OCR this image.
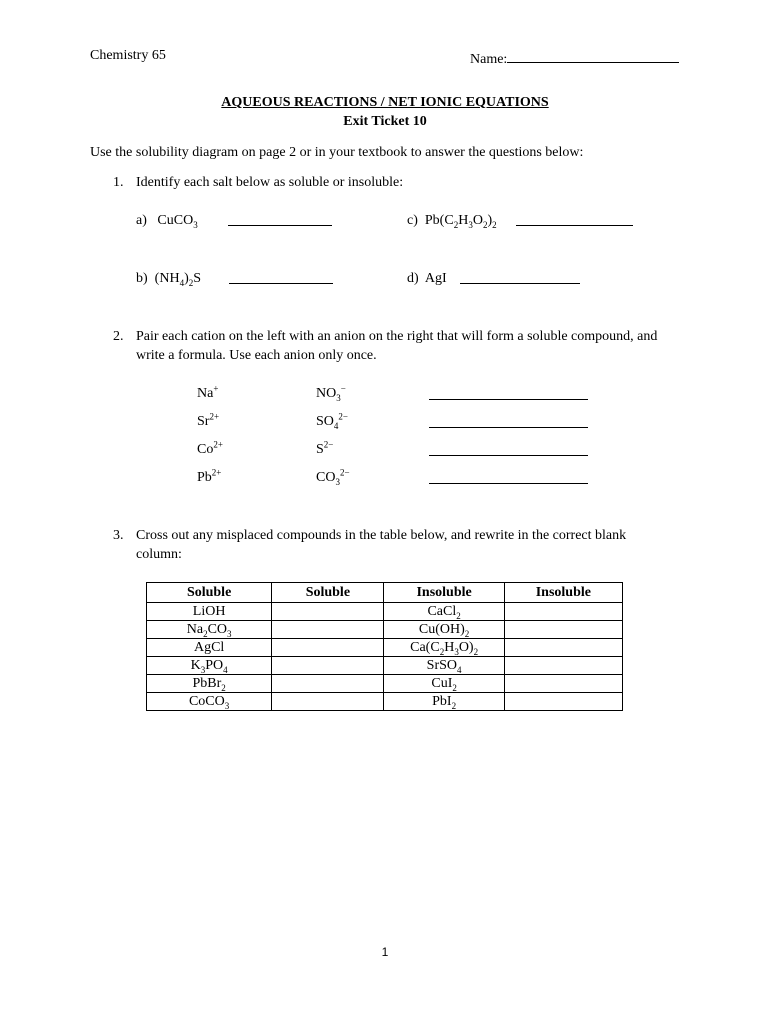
Chemistry 65	Name:
AQUEOUS REACTIONS / NET IONIC EQUATIONS
Exit Ticket 10
Use the solubility diagram on page 2 or in your textbook to answer the questions below:
1. Identify each salt below as soluble or insoluble:
a) CuCO$_3$	c) $Pb(C_2H_3O_2)_2$
b) $(NH_4)_2S$	d) AgI
2. Pair each cation on the left with an anion on the right that will form a soluble compound, and
write a formula. Use each anion only once.
Na+	$NO_3^-$
$Sr^{2+}$	$SO_4^{2-}$
$Co^{2+}$	$S^{2-}$
$Pb^{2+}$	$CO_3^{2-}$
3. Cross out any misplaced compounds in the table below, and rewrite in the correct blank
column:
Soluble	Soluble	Insoluble	Insoluble
LiOH		CaCl$_2$	
$Na_2CO_3$		$Cu(OH)_2$	
AgCl		$Ca(C_2H_3O)_2$	
$K_3PO_4$		SrSO$_4$	
PbBr$_2$		CuI$_2$	
CoCO$_3$		PbI$_2$	
1
